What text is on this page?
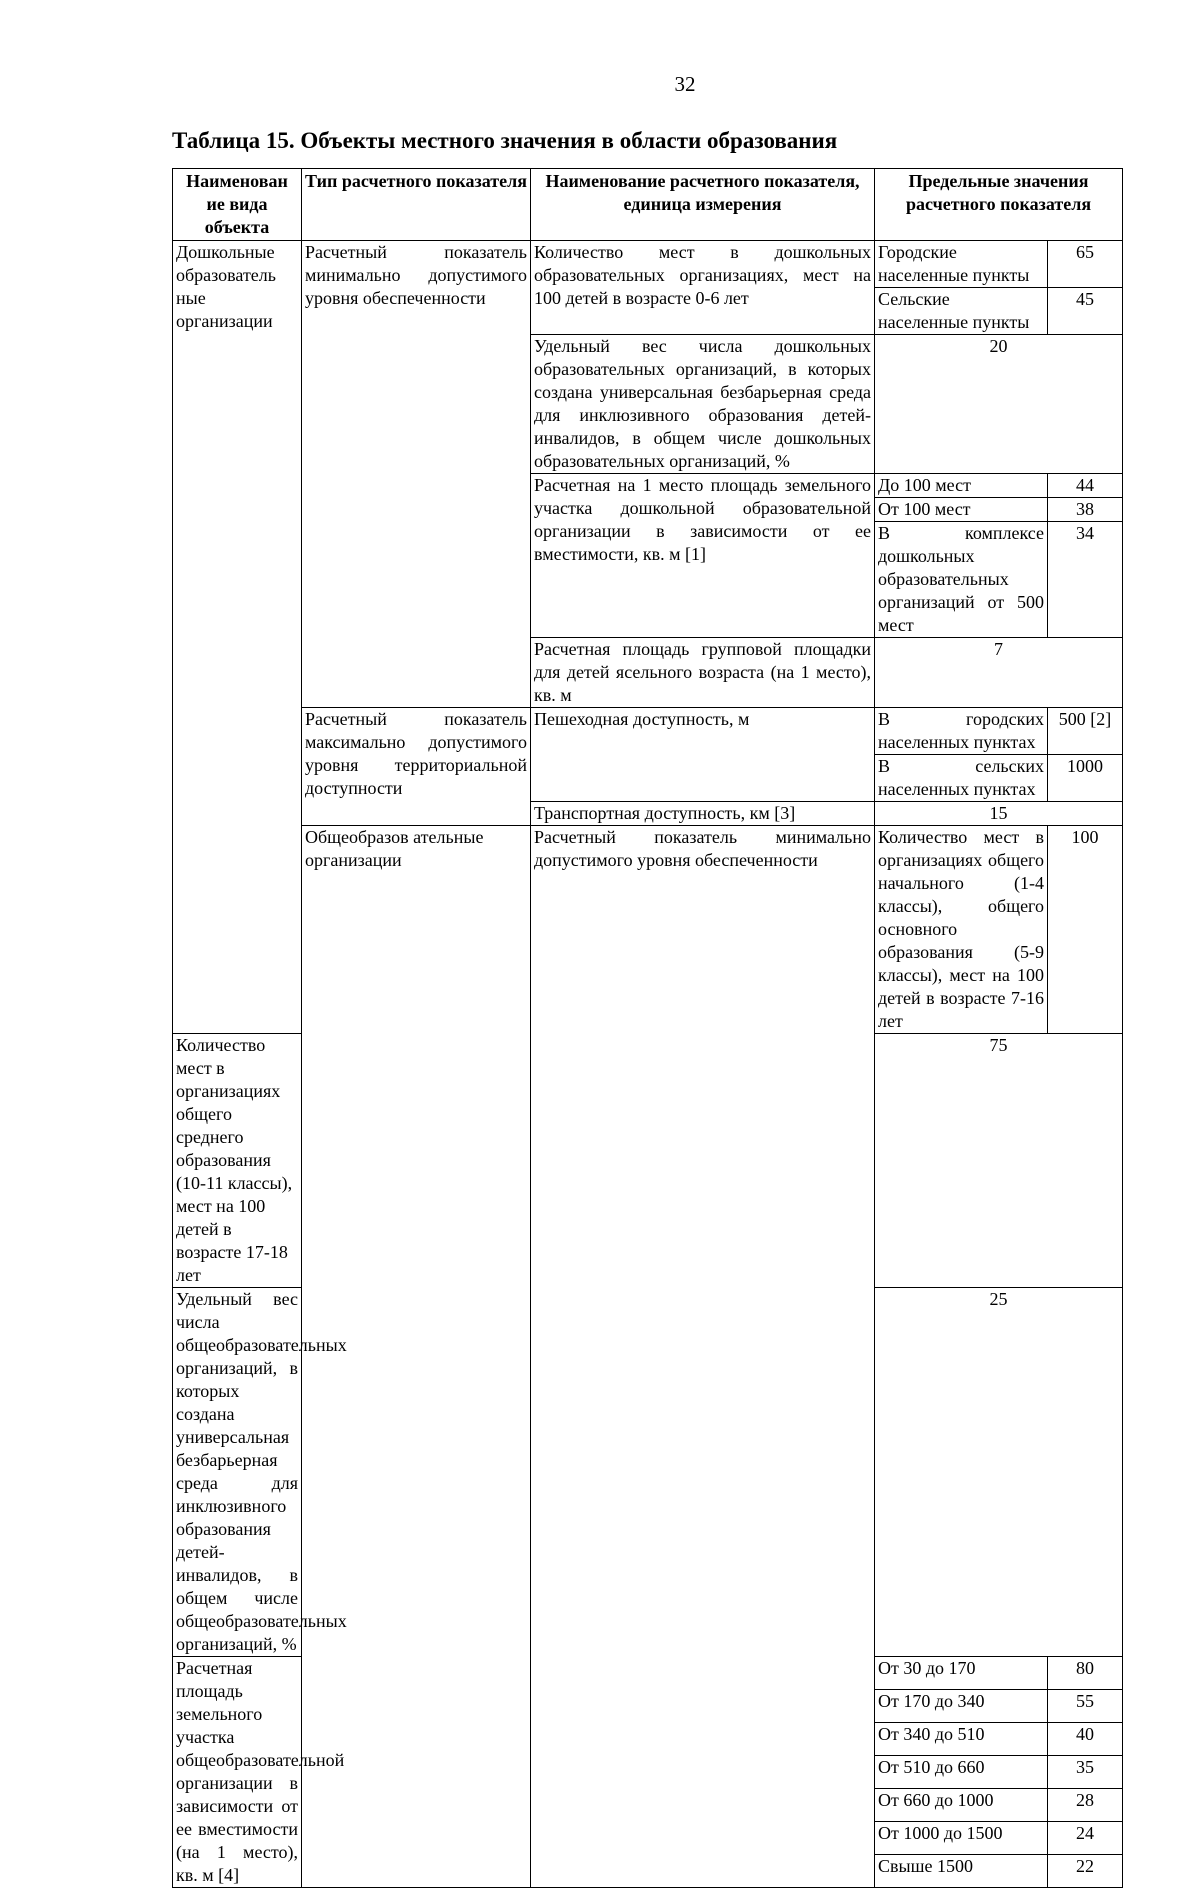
32
Таблица 15. Объекты местного значения в области образования
Наименован ие вида объекта	Тип расчетного показателя	Наименование расчетного показателя, единица измерения	Предельные значения расчетного показателя	
Дошкольные образователь ные организации	Расчетный показатель минимально допустимого уровня обеспеченности	Количество мест в дошкольных образовательных организациях, мест на 100 детей в возрасте 0-6 лет	Городские населенные пункты	65
			Сельские населенные пункты	45
		Удельный вес числа дошкольных образовательных организаций, в которых создана универсальная безбарьерная среда для инклюзивного образования детей-инвалидов, в общем числе дошкольных образовательных организаций, %	20	
		Расчетная на 1 место площадь земельного участка дошкольной образовательной организации в зависимости от ее вместимости, кв. м [1]	До 100 мест	44
			От 100 мест	38
			В комплексе дошкольных образовательных организаций от 500 мест	34
		Расчетная площадь групповой площадки для детей ясельного возраста (на 1 место), кв. м	7	
	Расчетный показатель максимально допустимого уровня территориальной доступности	Пешеходная доступность, м	В городских населенных пунктах	500 [2]
			В сельских населенных пунктах	1000
		Транспортная доступность, км [3]	15	
	Общеобразов ательные организации	Расчетный показатель минимально допустимого уровня обеспеченности	Количество мест в организациях общего начального (1-4 классы), общего основного образования (5-9 классы), мест на 100 детей в возрасте 7-16 лет	100
Количество мест в организациях общего среднего образования (10-11 классы), мест на 100 детей в возрасте 17-18 лет			75	
Удельный вес числа общеобразовательных организаций, в которых создана универсальная безбарьерная среда для инклюзивного образования детей-инвалидов, в общем числе общеобразовательных организаций, %			25	
Расчетная площадь земельного участка общеобразовательной организации в зависимости от ее вместимости (на 1 место), кв. м [4]			От 30 до 170	80
			От 170 до 340	55
			От 340 до 510	40
			От 510 до 660	35
			От 660 до 1000	28
			От 1000 до 1500	24
			Свыше 1500	22
